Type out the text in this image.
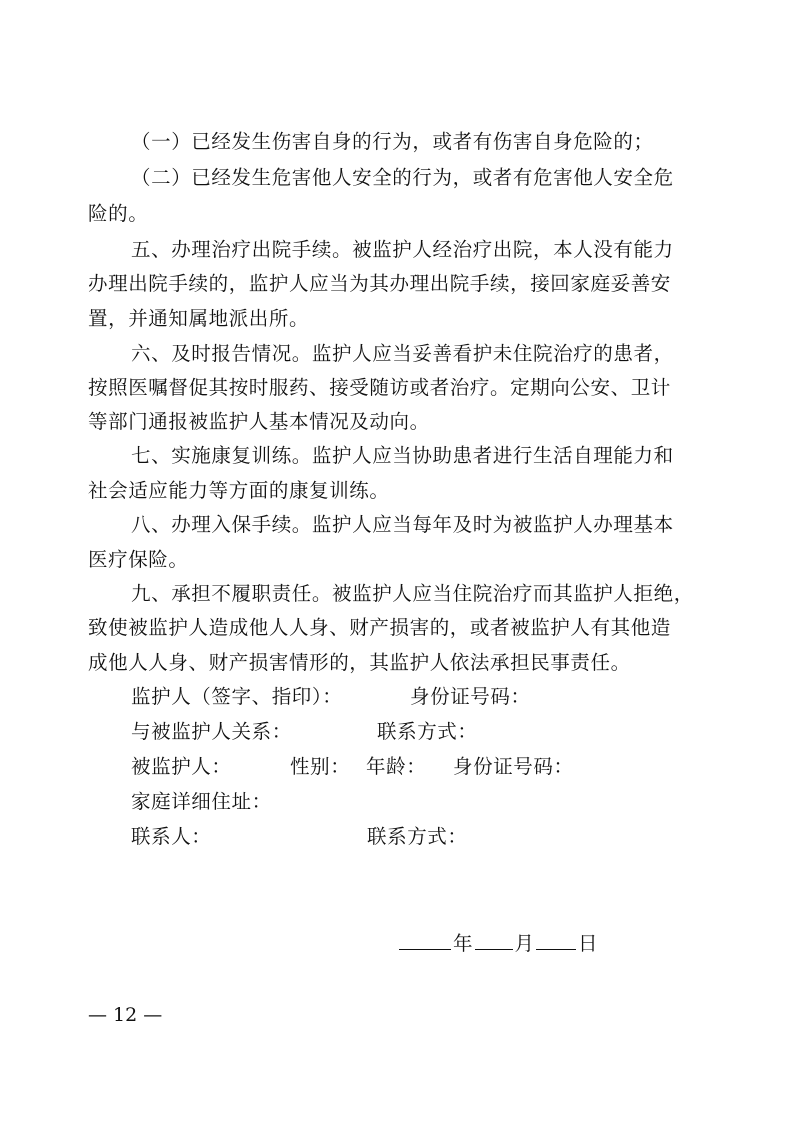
（一）已经发生伤害自身的行为，或者有伤害自身危险的；
（二）已经发生危害他人安全的行为，或者有危害他人安全危
险的。
五、办理治疗出院手续。被监护人经治疗出院，本人没有能力
办理出院手续的，监护人应当为其办理出院手续，接回家庭妥善安
置，并通知属地派出所。
六、及时报告情况。监护人应当妥善看护未住院治疗的患者，
按照医嘱督促其按时服药、接受随访或者治疗。定期向公安、卫计
等部门通报被监护人基本情况及动向。
七、实施康复训练。监护人应当协助患者进行生活自理能力和
社会适应能力等方面的康复训练。
八、办理入保手续。监护人应当每年及时为被监护人办理基本
医疗保险。
九、承担不履职责任。被监护人应当住院治疗而其监护人拒绝，
致使被监护人造成他人人身、财产损害的，或者被监护人有其他造
成他人人身、财产损害情形的，其监护人依法承担民事责任。
监护人（签字、指印）：	身份证号码：
与被监护人关系：	联系方式：
被监护人：	性别： 年龄： 身份证号码：
家庭详细住址：
联系人：	联系方式：
年 月 日
— 12 —
